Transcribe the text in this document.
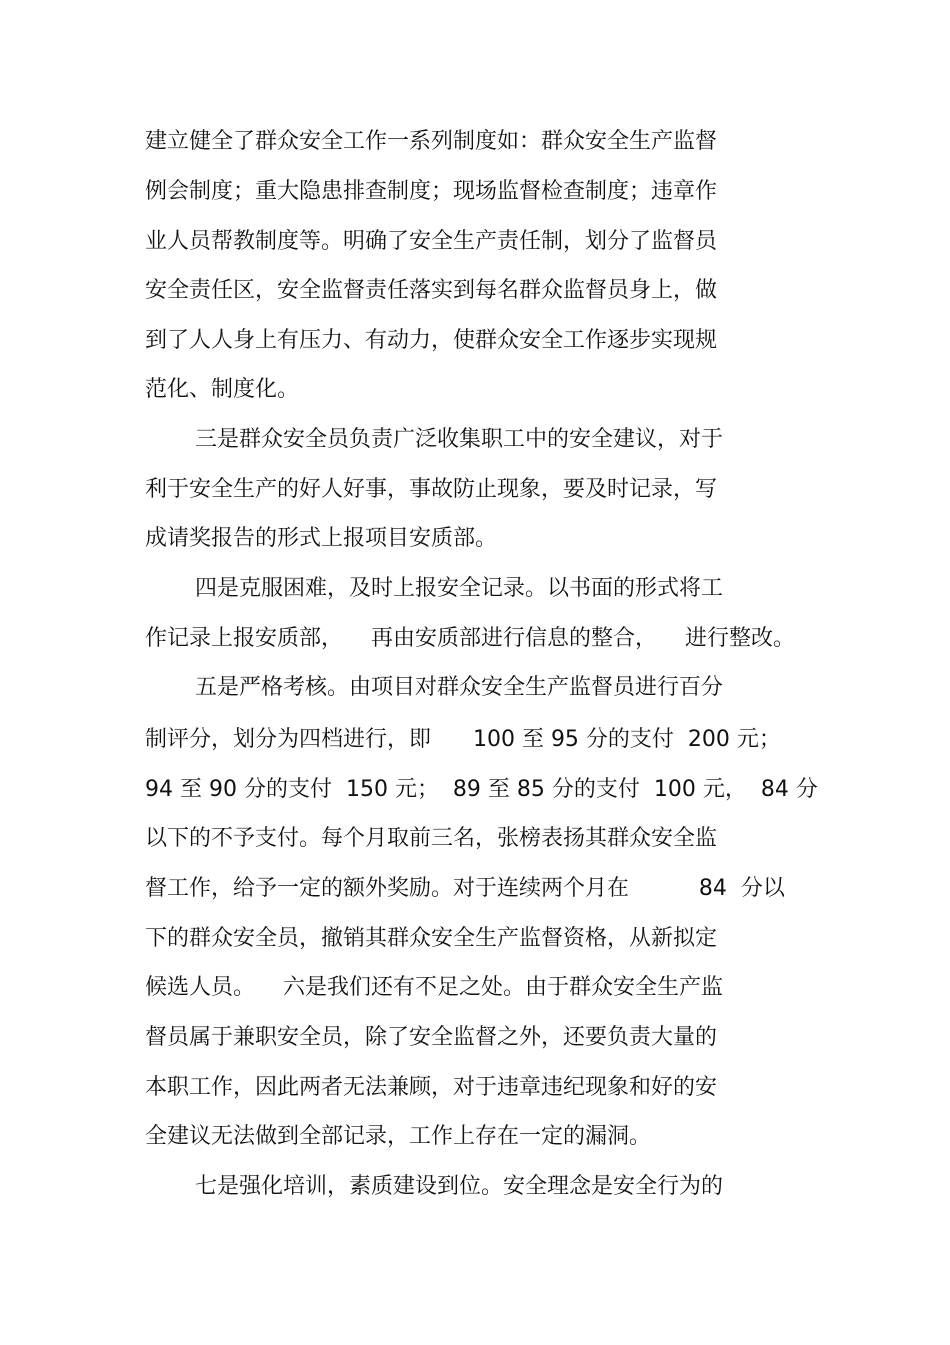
建立健全了群众安全工作一系列制度如：群众安全生产监督
例会制度；重大隐患排查制度；现场监督检查制度；违章作
业人员帮教制度等。明确了安全生产责任制，划分了监督员
安全责任区，安全监督责任落实到每名群众监督员身上，做
到了人人身上有压力、有动力，使群众安全工作逐步实现规
范化、制度化。
三是群众安全员负责广泛收集职工中的安全建议，对于
利于安全生产的好人好事，事故防止现象，要及时记录，写
成请奖报告的形式上报项目安质部。
四是克服困难，及时上报安全记录。以书面的形式将工
作记录上报安质部，    再由安质部进行信息的整合，    进行整改。
五是严格考核。由项目对群众安全生产监督员进行百分
制评分，划分为四档进行，即      100 至 95 分的支付  200 元；
94 至 90 分的支付  150 元；  89 至 85 分的支付  100 元，  84 分
以下的不予支付。每个月取前三名，张榜表扬其群众安全监
督工作，给予一定的额外奖励。对于连续两个月在          84  分以
下的群众安全员，撤销其群众安全生产监督资格，从新拟定
候选人员。    六是我们还有不足之处。由于群众安全生产监
督员属于兼职安全员，除了安全监督之外，还要负责大量的
本职工作，因此两者无法兼顾，对于违章违纪现象和好的安
全建议无法做到全部记录，工作上存在一定的漏洞。
七是强化培训，素质建设到位。安全理念是安全行为的
